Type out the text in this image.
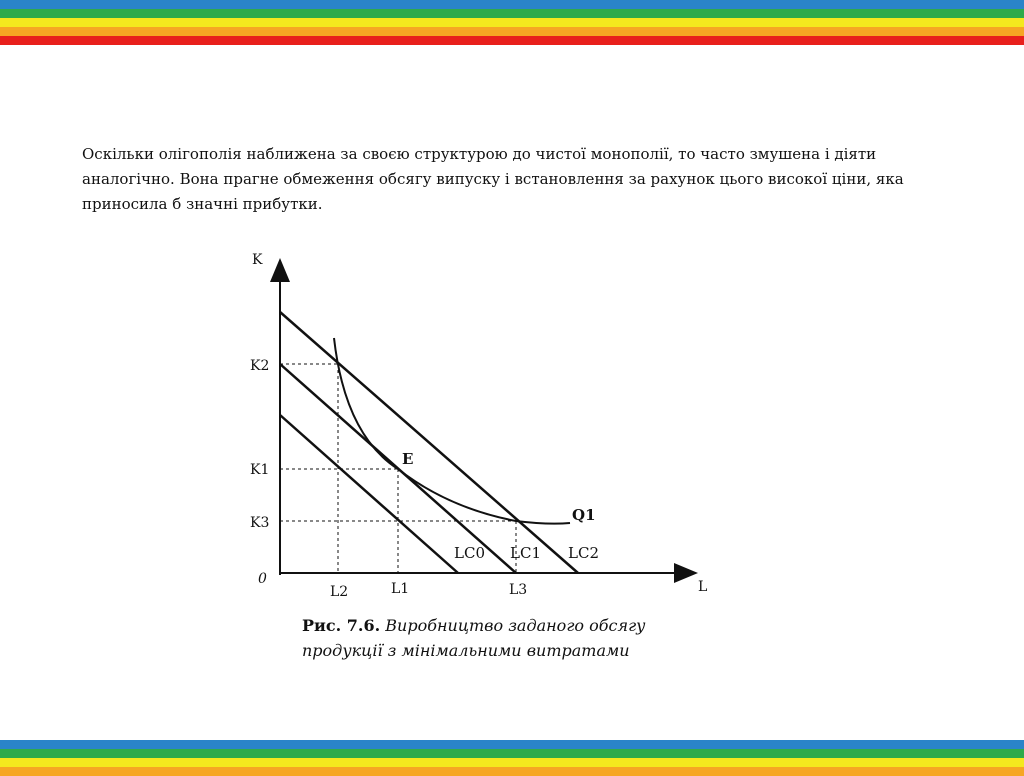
Оскільки олігополія наближена за своєю структурою до чистої монополії, то часто змушена і діяти аналогічно. Вона прагне обмеження обсягу випуску і встановлення за рахунок цього високої ціни, яка приносила б значні прибутки.

K
K2
K1
K3
0
L2	L1	L3	L
E
Q1
LC0 LC1 LC2
Рис. 7.6. Виробництво заданого обсягу
продукції з мінімальними витратами
